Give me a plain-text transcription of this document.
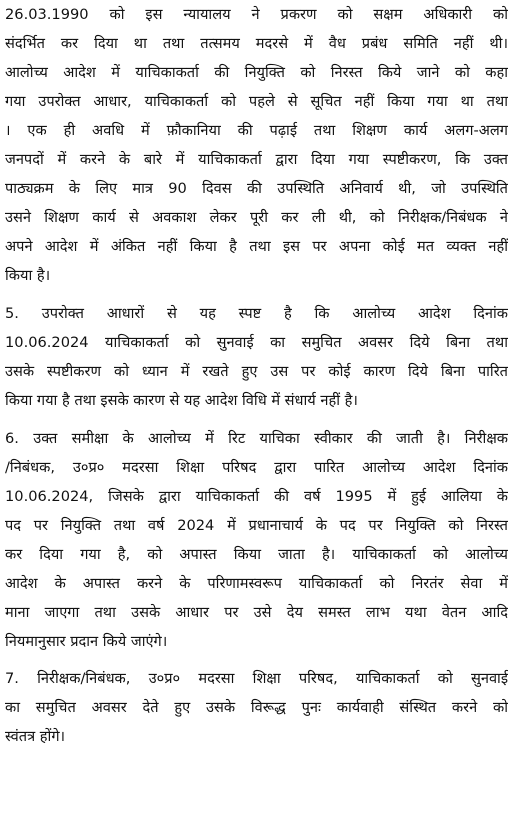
26.03.1990 को इस न्यायालय ने प्रकरण को सक्षम अधिकारी को
संदर्भित कर दिया था तथा तत्समय मदरसे में वैध प्रबंध समिति नहीं थी।
आलोच्य आदेश में याचिकाकर्ता की नियुक्ति को निरस्त किये जाने को कहा
गया उपरोक्त आधार, याचिकाकर्ता को पहले से सूचित नहीं किया गया था तथा
। एक ही अवधि में फ़ौकानिया की पढ़ाई तथा शिक्षण कार्य अलग-अलग
जनपदों में करने के बारे में याचिकाकर्ता द्वारा दिया गया स्पष्टीकरण, कि उक्त
पाठ्यक्रम के लिए मात्र 90 दिवस की उपस्थिति अनिवार्य थी, जो उपस्थिति
उसने शिक्षण कार्य से अवकाश लेकर पूरी कर ली थी, को निरीक्षक/निबंधक ने
अपने आदेश में अंकित नहीं किया है तथा इस पर अपना कोई मत व्यक्त नहीं
किया है।
5. उपरोक्त आधारों से यह स्पष्ट है कि आलोच्य आदेश दिनांक
10.06.2024 याचिकाकर्ता को सुनवाई का समुचित अवसर दिये बिना तथा
उसके स्पष्टीकरण को ध्यान में रखते हुए उस पर कोई कारण दिये बिना पारित
किया गया है तथा इसके कारण से यह आदेश विधि में संधार्य नहीं है।
6. उक्त समीक्षा के आलोच्य में रिट याचिका स्वीकार की जाती है। निरीक्षक
/निबंधक, उ०प्र० मदरसा शिक्षा परिषद द्वारा पारित आलोच्य आदेश दिनांक
10.06.2024, जिसके द्वारा याचिकाकर्ता की वर्ष 1995 में हुई आलिया के
पद पर नियुक्ति तथा वर्ष 2024 में प्रधानाचार्य के पद पर नियुक्ति को निरस्त
कर दिया गया है, को अपास्त किया जाता है। याचिकाकर्ता को आलोच्य
आदेश के अपास्त करने के परिणामस्वरूप याचिकाकर्ता को निरतंर सेवा में
माना जाएगा तथा उसके आधार पर उसे देय समस्त लाभ यथा वेतन आदि
नियमानुसार प्रदान किये जाएंगे।
7. निरीक्षक/निबंधक, उ०प्र० मदरसा शिक्षा परिषद, याचिकाकर्ता को सुनवाई
का समुचित अवसर देते हुए उसके विरूद्ध पुनः कार्यवाही संस्थित करने को
स्वंतत्र होंगे।
